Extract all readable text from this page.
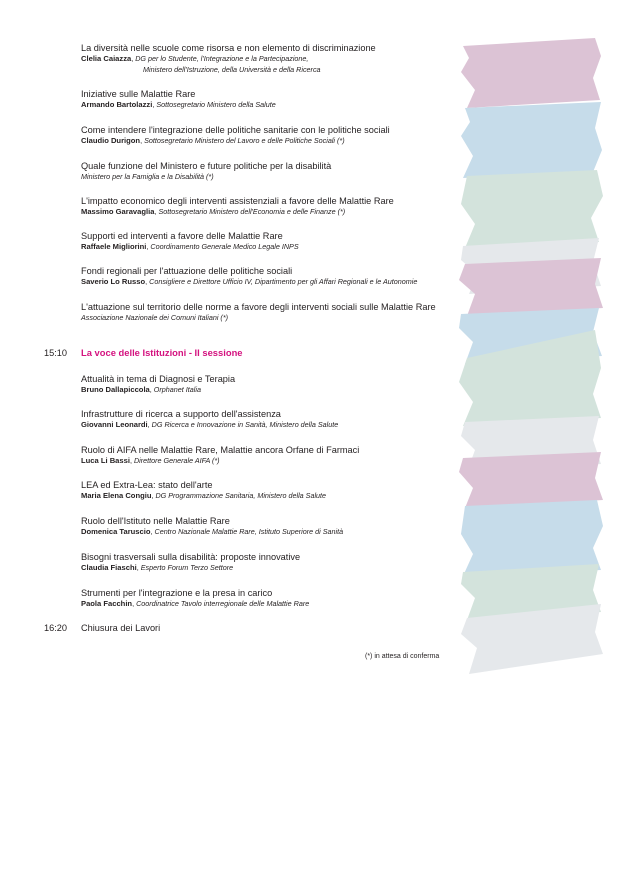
La diversità nelle scuole come risorsa e non elemento di discriminazione
Clelia Caiazza, DG per lo Studente, l'Integrazione e la Partecipazione,
Ministero dell'Istruzione, della Università e della Ricerca
Iniziative sulle Malattie Rare
Armando Bartolazzi, Sottosegretario Ministero della Salute
Come intendere l'integrazione delle politiche sanitarie con le politiche sociali
Claudio Durigon, Sottosegretario Ministero del Lavoro e delle Politiche Sociali (*)
Quale funzione del Ministero e future politiche per la disabilità
Ministero per la Famiglia e la Disabilità (*)
L'impatto economico degli interventi assistenziali a favore delle Malattie Rare
Massimo Garavaglia, Sottosegretario Ministero dell'Economia e delle Finanze (*)
Supporti ed interventi a favore delle Malattie Rare
Raffaele Migliorini, Coordinamento Generale Medico Legale INPS
Fondi regionali per l'attuazione delle politiche sociali
Saverio Lo Russo, Consigliere e Direttore Ufficio IV, Dipartimento per gli Affari Regionali e le Autonomie
L'attuazione sul territorio delle norme a favore degli interventi sociali sulle Malattie Rare
Associazione Nazionale dei Comuni Italiani (*)
15:10 La voce delle Istituzioni - II sessione
Attualità in tema di Diagnosi e Terapia
Bruno Dallapiccola, Orphanet Italia
Infrastrutture di ricerca a supporto dell'assistenza
Giovanni Leonardi, DG Ricerca e Innovazione in Sanità, Ministero della Salute
Ruolo di AIFA nelle Malattie Rare, Malattie ancora Orfane di Farmaci
Luca Li Bassi, Direttore Generale AIFA (*)
LEA ed Extra-Lea: stato dell'arte
Maria Elena Congiu, DG Programmazione Sanitaria, Ministero della Salute
Ruolo dell'Istituto nelle Malattie Rare
Domenica Taruscio, Centro Nazionale Malattie Rare, Istituto Superiore di Sanità
Bisogni trasversali sulla disabilità: proposte innovative
Claudia Fiaschi, Esperto Forum Terzo Settore
Strumenti per l'integrazione e la presa in carico
Paola Facchin, Coordinatrice Tavolo interregionale delle Malattie Rare
16:20 Chiusura dei Lavori
(*) in attesa di conferma
